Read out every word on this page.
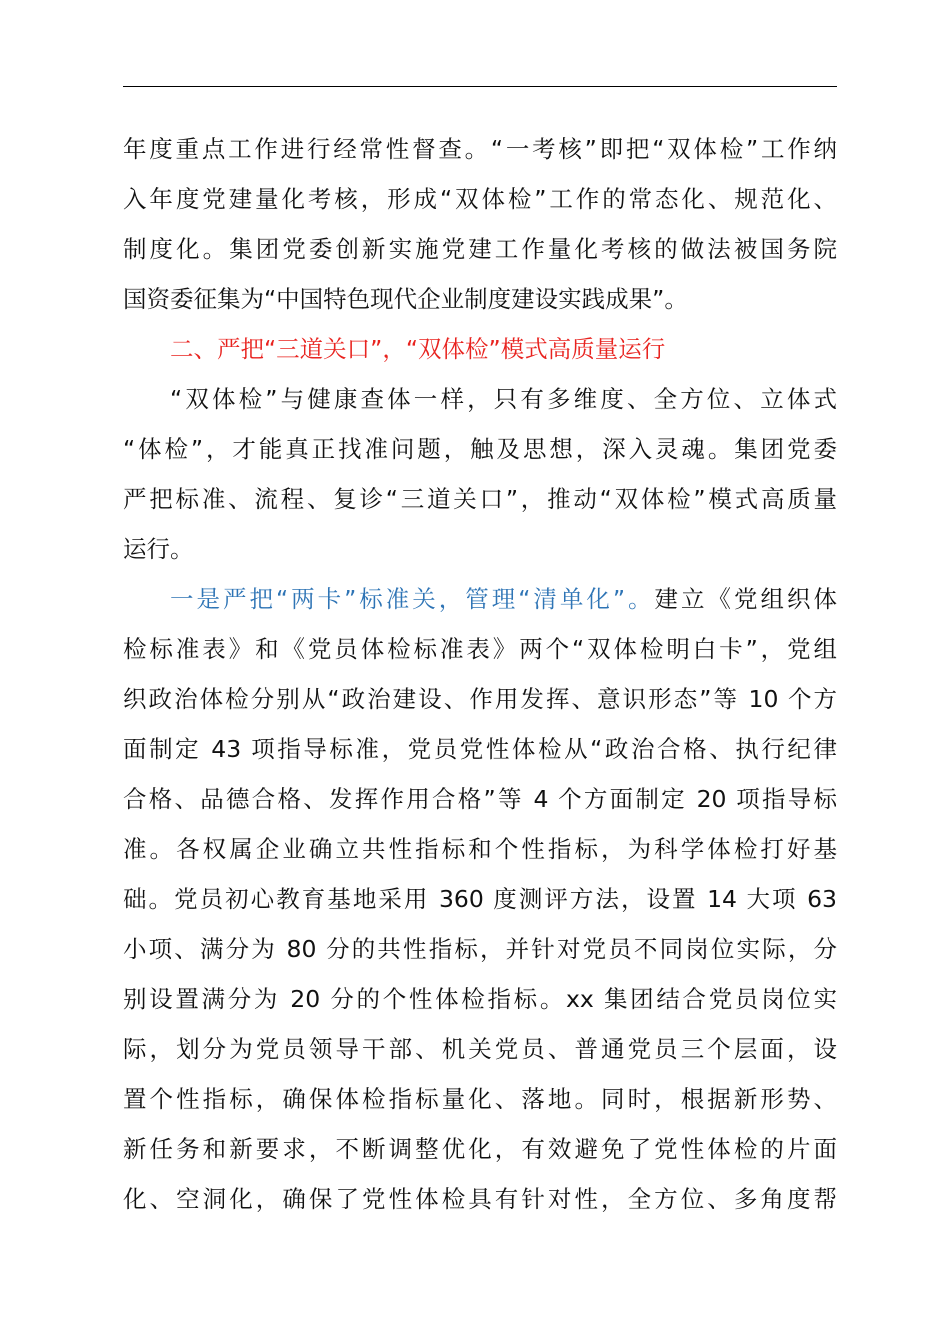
年度重点工作进行经常性督查。“一考核”即把“双体检”工作纳
入年度党建量化考核，形成“双体检”工作的常态化、规范化、
制度化。集团党委创新实施党建工作量化考核的做法被国务院
国资委征集为“中国特色现代企业制度建设实践成果”。
二、严把“三道关口”，“双体检”模式高质量运行
“双体检”与健康查体一样，只有多维度、全方位、立体式
“体检”，才能真正找准问题，触及思想，深入灵魂。集团党委
严把标准、流程、复诊“三道关口”，推动“双体检”模式高质量
运行。
一是严把“两卡”标准关，管理“清单化”。建立《党组织体
检标准表》和《党员体检标准表》两个“双体检明白卡”，党组
织政治体检分别从“政治建设、作用发挥、意识形态”等 10 个方
面制定 43 项指导标准，党员党性体检从“政治合格、执行纪律
合格、品德合格、发挥作用合格”等 4 个方面制定 20 项指导标
准。各权属企业确立共性指标和个性指标，为科学体检打好基
础。党员初心教育基地采用 360 度测评方法，设置 14 大项 63
小项、满分为 80 分的共性指标，并针对党员不同岗位实际，分
别设置满分为 20 分的个性体检指标。xx 集团结合党员岗位实
际，划分为党员领导干部、机关党员、普通党员三个层面，设
置个性指标，确保体检指标量化、落地。同时，根据新形势、
新任务和新要求，不断调整优化，有效避免了党性体检的片面
化、空洞化，确保了党性体检具有针对性，全方位、多角度帮
